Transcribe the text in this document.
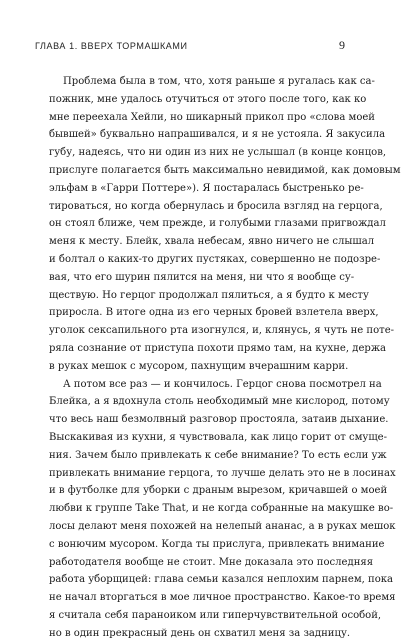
ГЛАВА 1. ВВЕРХ ТОРМАШКАМИ	9

Проблема была в том, что, хотя раньше я ругалась как са-
пожник, мне удалось отучиться от этого после того, как ко
мне переехала Хейли, но шикарный прикол про «слова моей
бывшей» буквально напрашивался, и я не устояла. Я закусила
губу, надеясь, что ни один из них не услышал (в конце концов,
прислуге полагается быть максимально невидимой, как домовым
эльфам в «Гарри Поттере»). Я постаралась быстренько ре-
тироваться, но когда обернулась и бросила взгляд на герцога,
он стоял ближе, чем прежде, и голубыми глазами пригвождал
меня к месту. Блейк, хвала небесам, явно ничего не слышал
и болтал о каких-то других пустяках, совершенно не подозре-
вая, что его шурин пялится на меня, ни что я вообще су-
ществую. Но герцог продолжал пялиться, а я будто к месту
приросла. В итоге одна из его черных бровей взлетела вверх,
уголок сексапильного рта изогнулся, и, клянусь, я чуть не поте-
ряла сознание от приступа похоти прямо там, на кухне, держа
в руках мешок с мусором, пахнущим вчерашним карри.

А потом все раз — и кончилось. Герцог снова посмотрел на
Блейка, а я вдохнула столь необходимый мне кислород, потому
что весь наш безмолвный разговор простояла, затаив дыхание.
Выскакивая из кухни, я чувствовала, как лицо горит от смуще-
ния. Зачем было привлекать к себе внимание? То есть если уж
привлекать внимание герцога, то лучше делать это не в лосинах
и в футболке для уборки с драным вырезом, кричавшей о моей
любви к группе Take That, и не когда собранные на макушке во-
лосы делают меня похожей на нелепый ананас, а в руках мешок
с вонючим мусором. Когда ты прислуга, привлекать внимание
работодателя вообще не стоит. Мне доказала это последняя
работа уборщицей: глава семьи казался неплохим парнем, пока
не начал вторгаться в мое личное пространство. Какое-то время
я считала себя параноиком или гиперчувствительной особой,
но в один прекрасный день он схватил меня за задницу.
